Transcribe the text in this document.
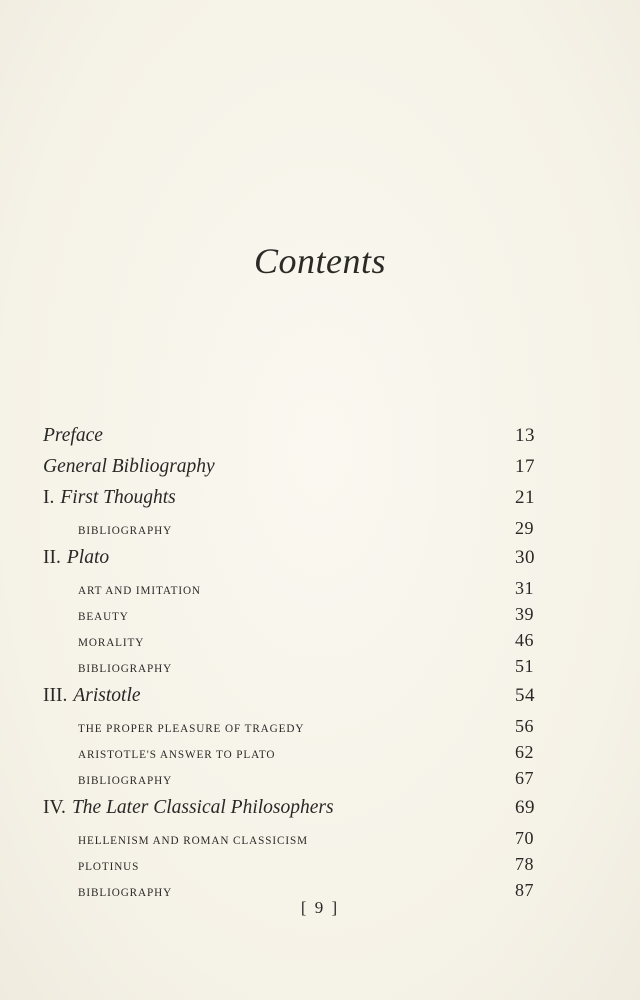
Contents
Preface	13
General Bibliography	17
I. First Thoughts	21
BIBLIOGRAPHY	29
II. Plato	30
ART AND IMITATION	31
BEAUTY	39
MORALITY	46
BIBLIOGRAPHY	51
III. Aristotle	54
THE PROPER PLEASURE OF TRAGEDY	56
ARISTOTLE'S ANSWER TO PLATO	62
BIBLIOGRAPHY	67
IV. The Later Classical Philosophers	69
HELLENISM AND ROMAN CLASSICISM	70
PLOTINUS	78
BIBLIOGRAPHY	87
[ 9 ]
